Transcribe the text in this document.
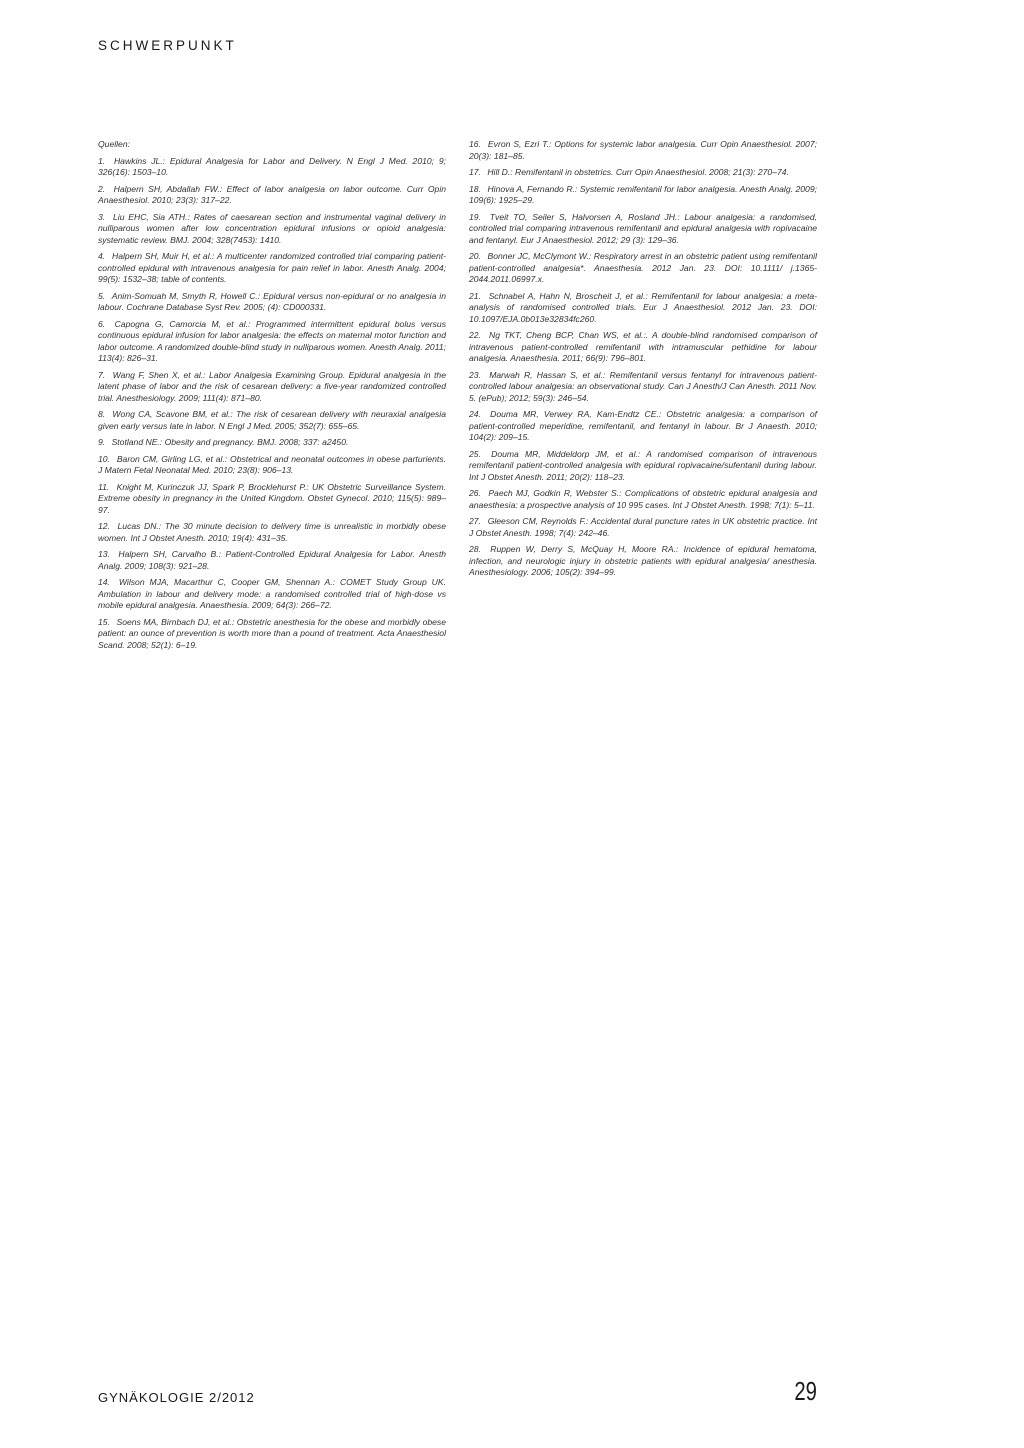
SCHWERPUNKT

Quellen:

1. Hawkins JL.: Epidural Analgesia for Labor and Delivery. N Engl J Med. 2010; 9; 326(16): 1503–10.

2. Halpern SH, Abdallah FW.: Effect of labor analgesia on labor outcome. Curr Opin Anaesthesiol. 2010; 23(3): 317–22.

3. Liu EHC, Sia ATH.: Rates of caesarean section and instrumental vaginal delivery in nulliparous women after low concentration epidural infusions or opioid analgesia: systematic review. BMJ. 2004; 328(7453): 1410.

4. Halpern SH, Muir H, et al.: A multicenter randomized controlled trial comparing patient-controlled epidural with intravenous analgesia for pain relief in labor. Anesth Analg. 2004; 99(5): 1532–38; table of contents.

5. Anim-Somuah M, Smyth R, Howell C.: Epidural versus non-epidural or no analgesia in labour. Cochrane Database Syst Rev. 2005; (4): CD000331.

6. Capogna G, Camorcia M, et al.: Programmed intermittent epidural bolus versus continuous epidural infusion for labor analgesia: the effects on maternal motor function and labor outcome. A randomized double-blind study in nulliparous women. Anesth Analg. 2011; 113(4): 826–31.

7. Wang F, Shen X, et al.: Labor Analgesia Examining Group. Epidural analgesia in the latent phase of labor and the risk of cesarean delivery: a five-year randomized controlled trial. Anesthesiology. 2009; 111(4): 871–80.

8. Wong CA, Scavone BM, et al.: The risk of cesarean delivery with neuraxial analgesia given early versus late in labor. N Engl J Med. 2005; 352(7): 655–65.

9. Stotland NE.: Obesity and pregnancy. BMJ. 2008; 337: a2450.

10. Baron CM, Girling LG, et al.: Obstetrical and neonatal outcomes in obese parturients. J Matern Fetal Neonatal Med. 2010; 23(8): 906–13.

11. Knight M, Kurinczuk JJ, Spark P, Brocklehurst P.: UK Obstetric Surveillance System. Extreme obesity in pregnancy in the United Kingdom. Obstet Gynecol. 2010; 115(5): 989–97.

12. Lucas DN.: The 30 minute decision to delivery time is unrealistic in morbidly obese women. Int J Obstet Anesth. 2010; 19(4): 431–35.

13. Halpern SH, Carvalho B.: Patient-Controlled Epidural Analgesia for Labor. Anesth Analg. 2009; 108(3): 921–28.

14. Wilson MJA, Macarthur C, Cooper GM, Shennan A.: COMET Study Group UK. Ambulation in labour and delivery mode: a randomised controlled trial of high-dose vs mobile epidural analgesia. Anaesthesia. 2009; 64(3): 266–72.

15. Soens MA, Birnbach DJ, et al.: Obstetric anesthesia for the obese and morbidly obese patient: an ounce of prevention is worth more than a pound of treatment. Acta Anaesthesiol Scand. 2008; 52(1): 6–19.

16. Evron S, Ezri T.: Options for systemic labor analgesia. Curr Opin Anaesthesiol. 2007; 20(3): 181–85.

17. Hill D.: Remifentanil in obstetrics. Curr Opin Anaesthesiol. 2008; 21(3): 270–74.

18. Hinova A, Fernando R.: Systemic remifentanil for labor analgesia. Anesth Analg. 2009; 109(6): 1925–29.

19. Tveit TO, Seiler S, Halvorsen A, Rosland JH.: Labour analgesia: a randomised, controlled trial comparing intravenous remifentanil and epidural analgesia with ropivacaine and fentanyl. Eur J Anaesthesiol. 2012; 29 (3): 129–36.

20. Bonner JC, McClymont W.: Respiratory arrest in an obstetric patient using remifentanil patient-controlled analgesia*. Anaesthesia. 2012 Jan. 23. DOI: 10.1111/ j.1365-2044.2011.06997.x.

21. Schnabel A, Hahn N, Broscheit J, et al.: Remifentanil for labour analgesia: a meta-analysis of randomised controlled trials. Eur J Anaesthesiol. 2012 Jan. 23. DOI: 10.1097/EJA.0b013e32834fc260.

22. Ng TKT, Cheng BCP, Chan WS, et al.:. A double-blind randomised comparison of intravenous patient-controlled remifentanil with intramuscular pethidine for labour analgesia. Anaesthesia. 2011; 66(9): 796–801.

23. Marwah R, Hassan S, et al.: Remifentanil versus fentanyl for intravenous patient-controlled labour analgesia: an observational study. Can J Anesth/J Can Anesth. 2011 Nov. 5. (ePub); 2012; 59(3): 246–54.

24. Douma MR, Verwey RA, Kam-Endtz CE.: Obstetric analgesia: a comparison of patient-controlled meperidine, remifentanil, and fentanyl in labour. Br J Anaesth. 2010; 104(2): 209–15.

25. Douma MR, Middeldorp JM, et al.: A randomised comparison of intravenous remifentanil patient-controlled analgesia with epidural ropivacaine/sufentanil during labour. Int J Obstet Anesth. 2011; 20(2): 118–23.

26. Paech MJ, Godkin R, Webster S.: Complications of obstetric epidural analgesia and anaesthesia: a prospective analysis of 10 995 cases. Int J Obstet Anesth. 1998; 7(1): 5–11.

27. Gleeson CM, Reynolds F.: Accidental dural puncture rates in UK obstetric practice. Int J Obstet Anesth. 1998; 7(4): 242–46.

28. Ruppen W, Derry S, McQuay H, Moore RA.: Incidence of epidural hematoma, infection, and neurologic injury in obstetric patients with epidural analgesia/ anesthesia. Anesthesiology. 2006; 105(2): 394–99.

GYNÄKOLOGIE 2/2012	29
